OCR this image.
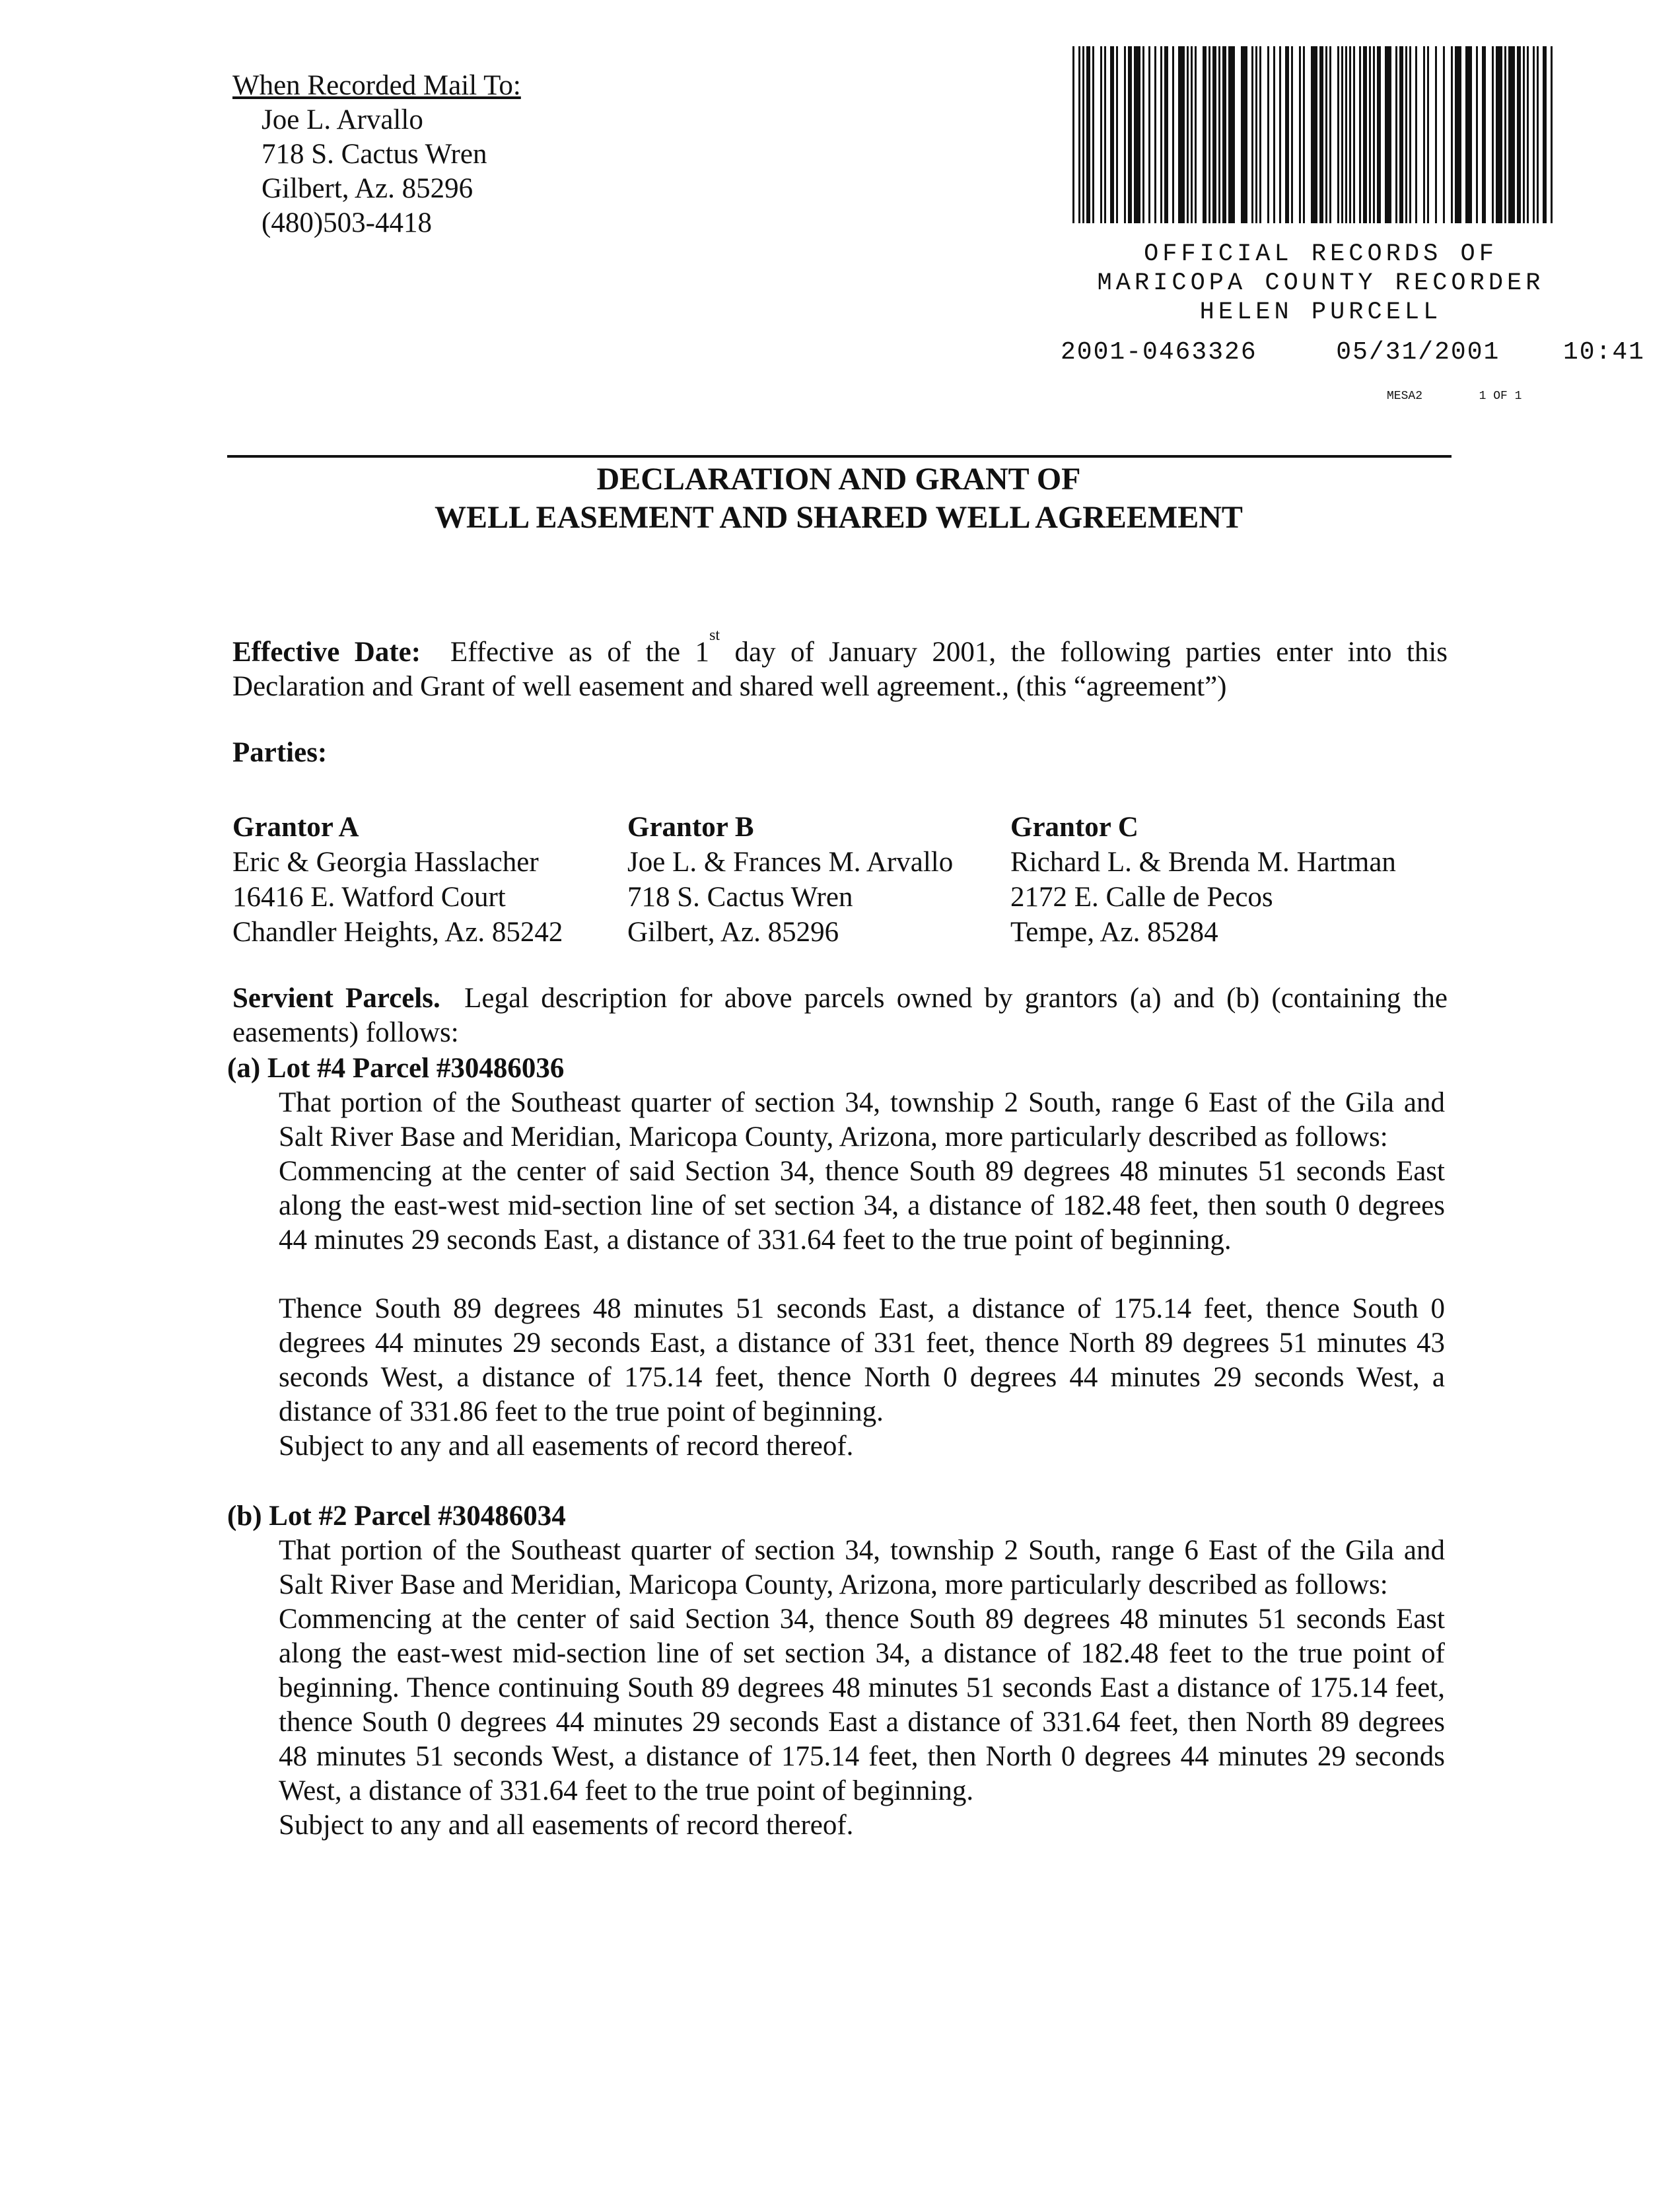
When Recorded Mail To:
Joe L. Arvallo
718 S. Cactus Wren
Gilbert, Az. 85296
(480)503-4418
OFFICIAL RECORDS OF
MARICOPA COUNTY RECORDER
HELEN PURCELL
2001-0463326	05/31/2001	10:41
MESA2	1 OF 1
DECLARATION AND GRANT OF
WELL EASEMENT AND SHARED WELL AGREEMENT
Effective Date: Effective as of the 1st day of January 2001, the following parties enter into this Declaration and Grant of well easement and shared well agreement., (this “agreement”)
Parties:
Grantor A
Eric & Georgia Hasslacher
16416 E. Watford Court
Chandler Heights, Az. 85242
Grantor B
Joe L. & Frances M. Arvallo
718 S. Cactus Wren
Gilbert, Az. 85296
Grantor C
Richard L. & Brenda M. Hartman
2172 E. Calle de Pecos
Tempe, Az. 85284
Servient Parcels. Legal description for above parcels owned by grantors (a) and (b) (containing the easements) follows:
(a) Lot #4 Parcel #30486036

That portion of the Southeast quarter of section 34, township 2 South, range 6 East of the Gila and Salt River Base and Meridian, Maricopa County, Arizona, more particularly described as follows:

Commencing at the center of said Section 34, thence South 89 degrees 48 minutes 51 seconds East along the east-west mid-section line of set section 34, a distance of 182.48 feet, then south 0 degrees 44 minutes 29 seconds East, a distance of 331.64 feet to the true point of beginning.

Thence South 89 degrees 48 minutes 51 seconds East, a distance of 175.14 feet, thence South 0 degrees 44 minutes 29 seconds East, a distance of 331 feet, thence North 89 degrees 51 minutes 43 seconds West, a distance of 175.14 feet, thence North 0 degrees 44 minutes 29 seconds West, a distance of 331.86 feet to the true point of beginning.

Subject to any and all easements of record thereof.

(b) Lot #2 Parcel #30486034

That portion of the Southeast quarter of section 34, township 2 South, range 6 East of the Gila and Salt River Base and Meridian, Maricopa County, Arizona, more particularly described as follows:

Commencing at the center of said Section 34, thence South 89 degrees 48 minutes 51 seconds East along the east-west mid-section line of set section 34, a distance of 182.48 feet to the true point of beginning. Thence continuing South 89 degrees 48 minutes 51 seconds East a distance of 175.14 feet, thence South 0 degrees 44 minutes 29 seconds East a distance of 331.64 feet, then North 89 degrees 48 minutes 51 seconds West, a distance of 175.14 feet, then North 0 degrees 44 minutes 29 seconds West, a distance of 331.64 feet to the true point of beginning.

Subject to any and all easements of record thereof.
